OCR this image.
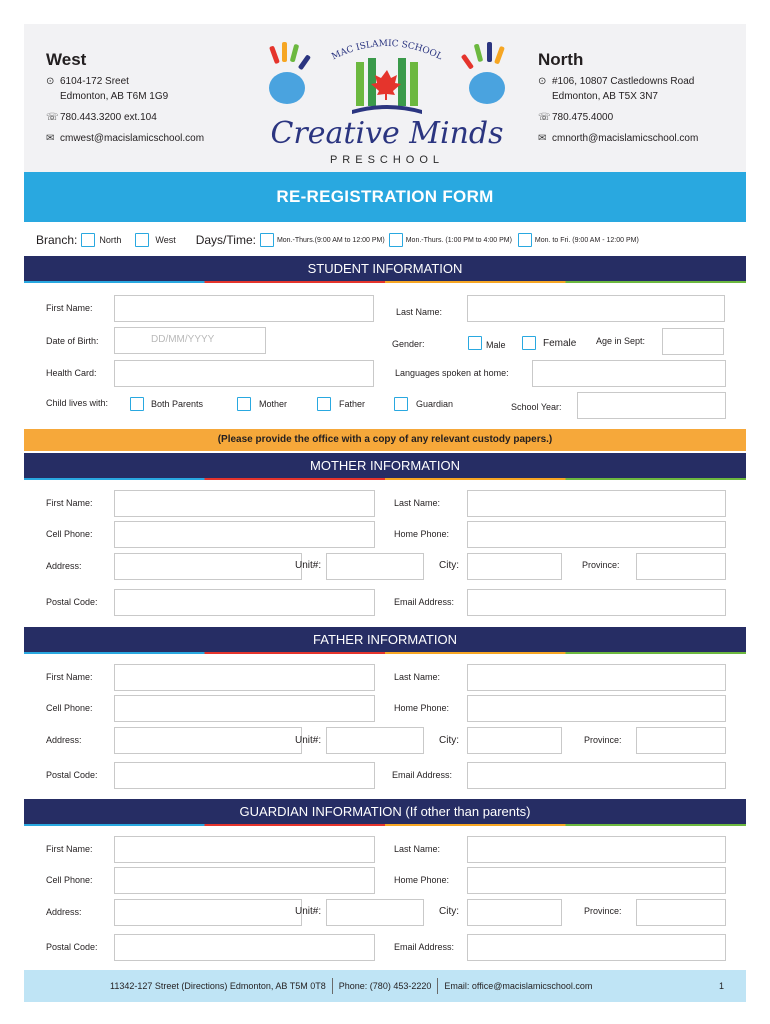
West
⊙ 6104-172 Sreet
Edmonton, AB T6M 1G9
☏ 780.443.3200 ext.104
✉ cmwest@macislamicschool.com
MAC ISLAMIC SCHOOL
Creative Minds
PRESCHOOL
North
⊙ #106, 10807 Castledowns Road
Edmonton, AB T5X 3N7
☏ 780.475.4000
✉ cmnorth@macislamicschool.com
RE-REGISTRATION FORM
Branch: North	West Days/Time:	Mon.-Thurs.(9:00 AM to 12:00 PM)	Mon.-Thurs. (1:00 PM to 4:00 PM)	Mon. to Fri. (9:00 AM - 12:00 PM)
STUDENT INFORMATION
First Name:	Last Name:
Date of Birth:	DD/MM/YYYY	Gender:	Male	Female Age in Sept:
Health Card:	Languages spoken at home:
Child lives with:	Both Parents	Mother	Father	Guardian	School Year:
(Please provide the office with a copy of any relevant custody papers.)
MOTHER INFORMATION
First Name:	Last Name:
Cell Phone:	Home Phone:
Address:	Unit#:	City:	Province:
Postal Code:	Email Address:
FATHER INFORMATION
First Name:	Last Name:
Cell Phone:	Home Phone:
Address:	Unit#:	City:	Province:
Postal Code:	Email Address:
GUARDIAN INFORMATION (If other than parents)
First Name:	Last Name:
Cell Phone:	Home Phone:
Address:	Unit#:	City:	Province:
Postal Code:	Email Address:
11342-127 Street (Directions) Edmonton, AB T5M 0T8 Phone: (780) 453-2220 Email: office@macislamicschool.com	1
